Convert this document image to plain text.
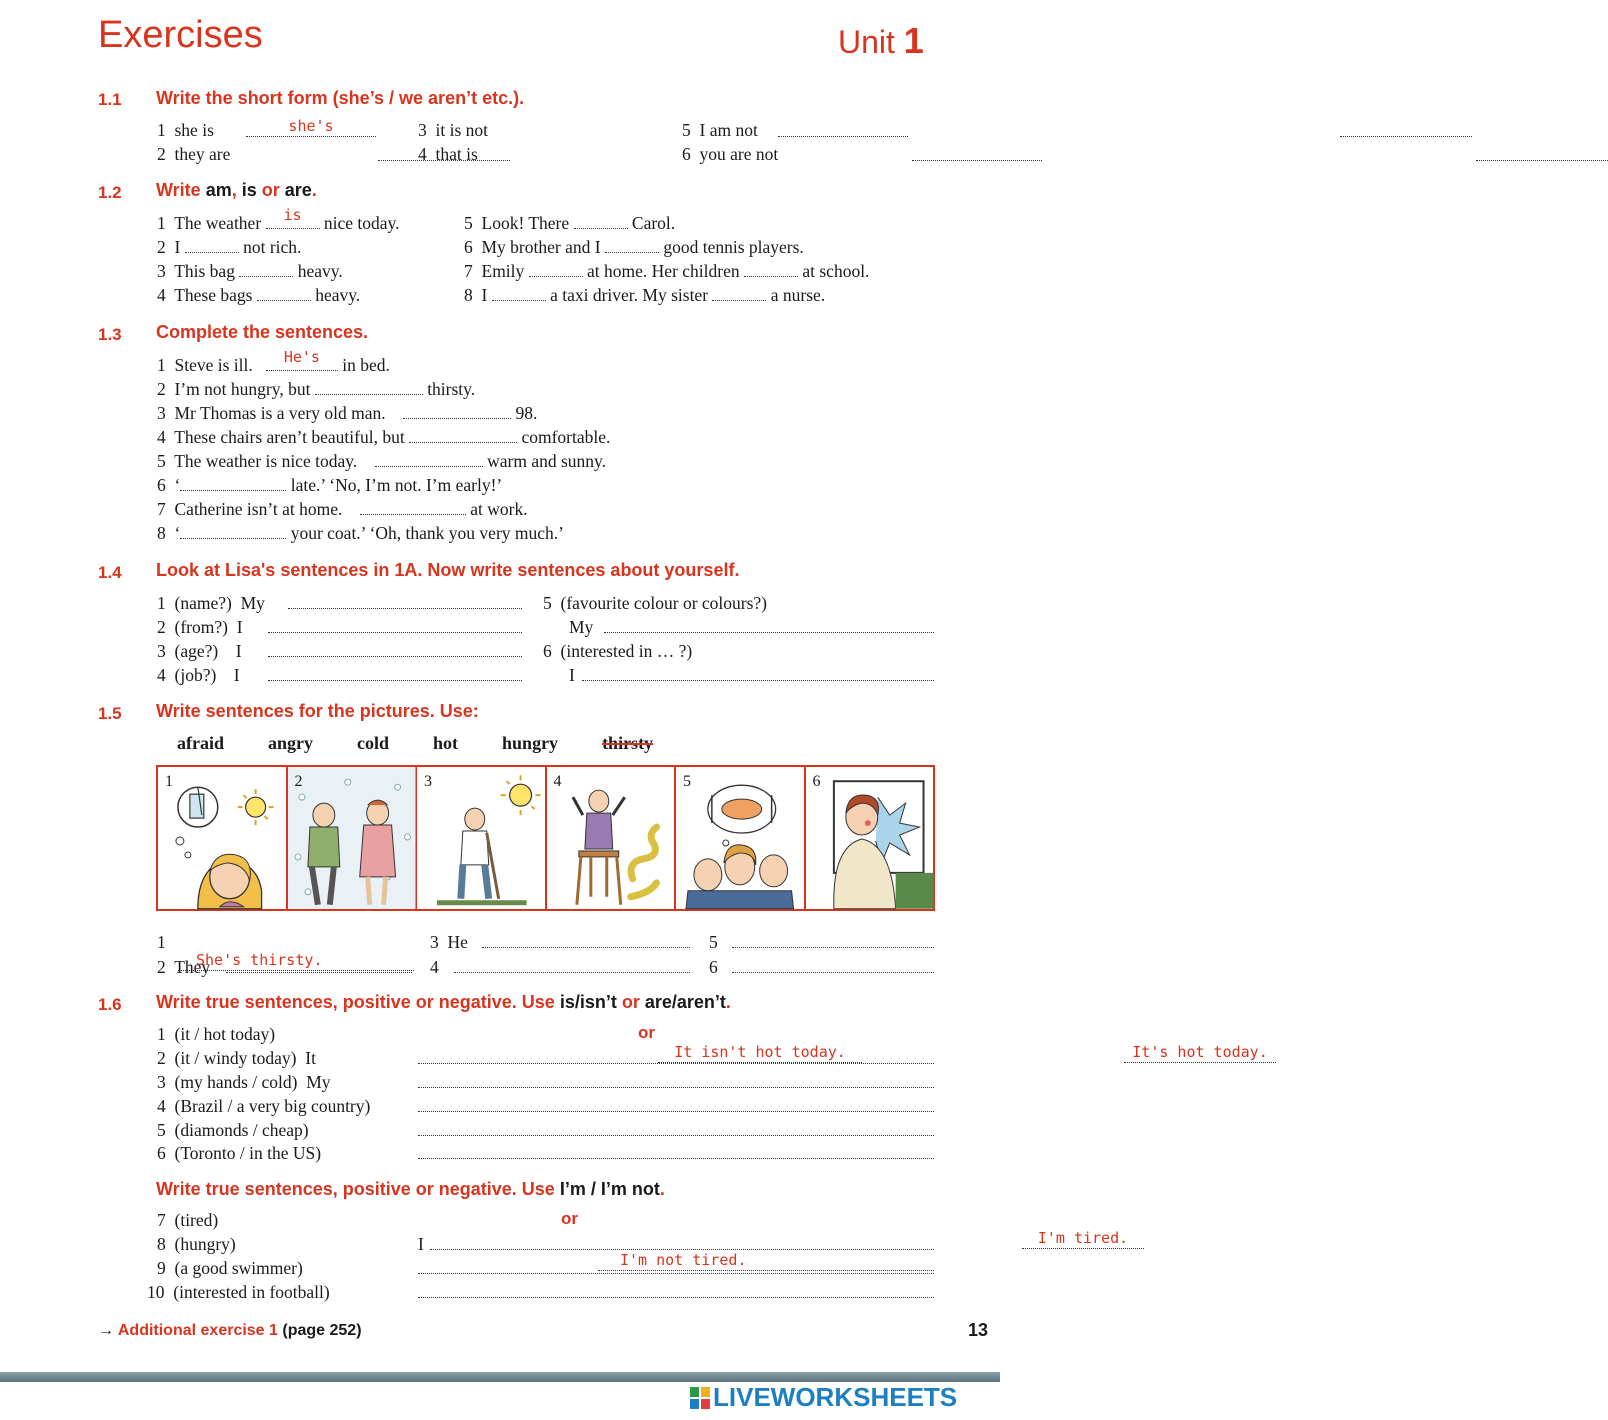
Exercises	Unit 1
1.1 Write the short form (she’s / we aren’t etc.).
1 she is	she's

2 they are

3 it is not

4 that is

5 I am not

6 you are not

1.2 Write am, is or are.
1 The weather	is	nice today.
2 I	not rich.
3 This bag	heavy.
4 These bags	heavy.
5 Look! There	Carol.
6 My brother and I	good tennis players.
7 Emily	at home. Her children	at school.
8 I	a taxi driver. My sister	a nurse.
1.3 Complete the sentences.
1 Steve is ill.	He's	in bed.
2 I’m not hungry, but	thirsty.
3 Mr Thomas is a very old man.	98.
4 These chairs aren’t beautiful, but	comfortable.
5 The weather is nice today.	warm and sunny.
6 ‘	late.’ ‘No, I’m not. I’m early!’
7 Catherine isn’t at home.	at work.
8 ‘	your coat.’ ‘Oh, thank you very much.’
1.4 Look at Lisa's sentences in 1A. Now write sentences about yourself.
1 (name?) My
2 (from?) I
3 (age?) I
4 (job?) I
5 (favourite colour or colours?)
My
6 (interested in … ?)
I
1.5 Write sentences for the pictures. Use:
afraid angry cold hot hungry thirsty
1	2	3	4	5	6
1
She's thirsty.

2 They
3 He
4
5
6
1.6 Write true sentences, positive or negative. Use is/isn’t or are/aren’t.
1 (it / hot today)
It isn't hot today.

or
It's hot today.

2 (it / windy today) It
3 (my hands / cold) My
4 (Brazil / a very big country)
5 (diamonds / cheap)
6 (Toronto / in the US)
Write true sentences, positive or negative. Use I’m / I’m not.
7 (tired)
I'm tired.

or
I'm not tired.
8 (hungry)	I
9 (a good swimmer)
10 (interested in football)
→ Additional exercise 1 (page 252)	13
LIVEWORKSHEETS
